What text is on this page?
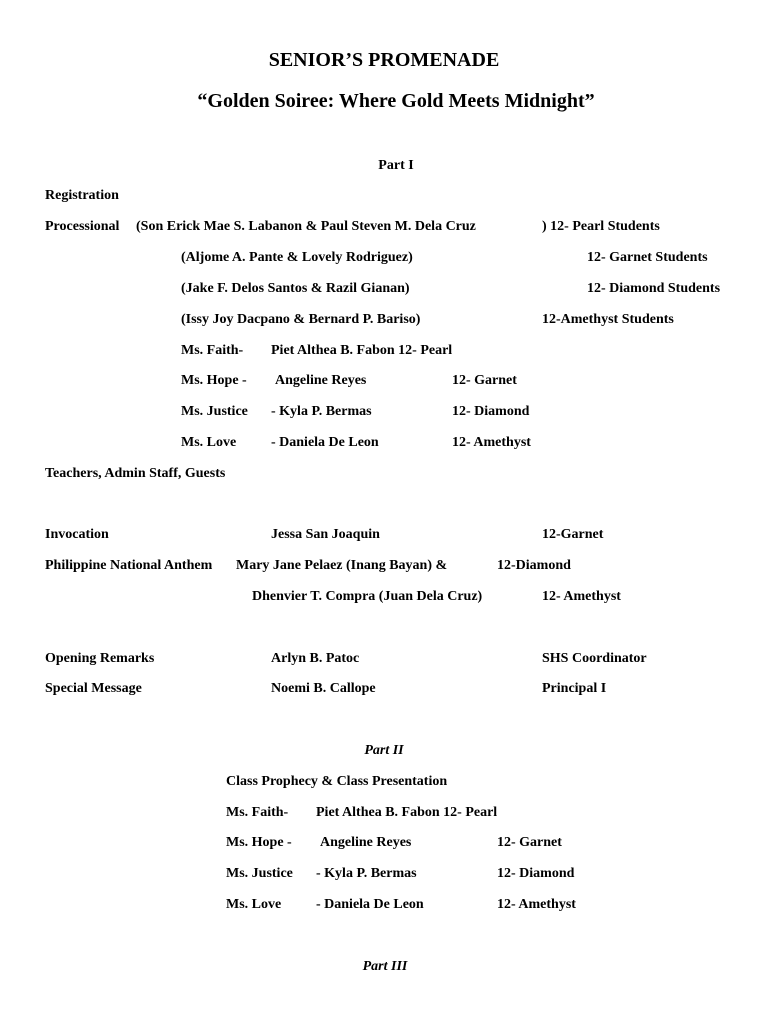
SENIOR’S PROMENADE
“Golden Soiree: Where Gold Meets Midnight”
Part I
Registration
Processional (Son Erick Mae S. Labanon & Paul Steven M. Dela Cruz	) 12- Pearl Students
(Aljome A. Pante & Lovely Rodriguez)	12- Garnet Students
(Jake F. Delos Santos & Razil Gianan)	12- Diamond Students
(Issy Joy Dacpano & Bernard P. Bariso)	12-Amethyst Students
Ms. Faith- Piet Althea B. Fabon 12- Pearl
Ms. Hope - Angeline Reyes	12- Garnet
Ms. Justice - Kyla P. Bermas	12- Diamond
Ms. Love - Daniela De Leon	12- Amethyst
Teachers, Admin Staff, Guests
Invocation	Jessa San Joaquin	12-Garnet
Philippine National Anthem Mary Jane Pelaez (Inang Bayan) &	12-Diamond
Dhenvier T. Compra (Juan Dela Cruz)	12- Amethyst
Opening Remarks	Arlyn B. Patoc	SHS Coordinator
Special Message	Noemi B. Callope	Principal I
Part II
Class Prophecy & Class Presentation
Ms. Faith- Piet Althea B. Fabon 12- Pearl
Ms. Hope - Angeline Reyes	12- Garnet
Ms. Justice - Kyla P. Bermas	12- Diamond
Ms. Love - Daniela De Leon	12- Amethyst
Part III
